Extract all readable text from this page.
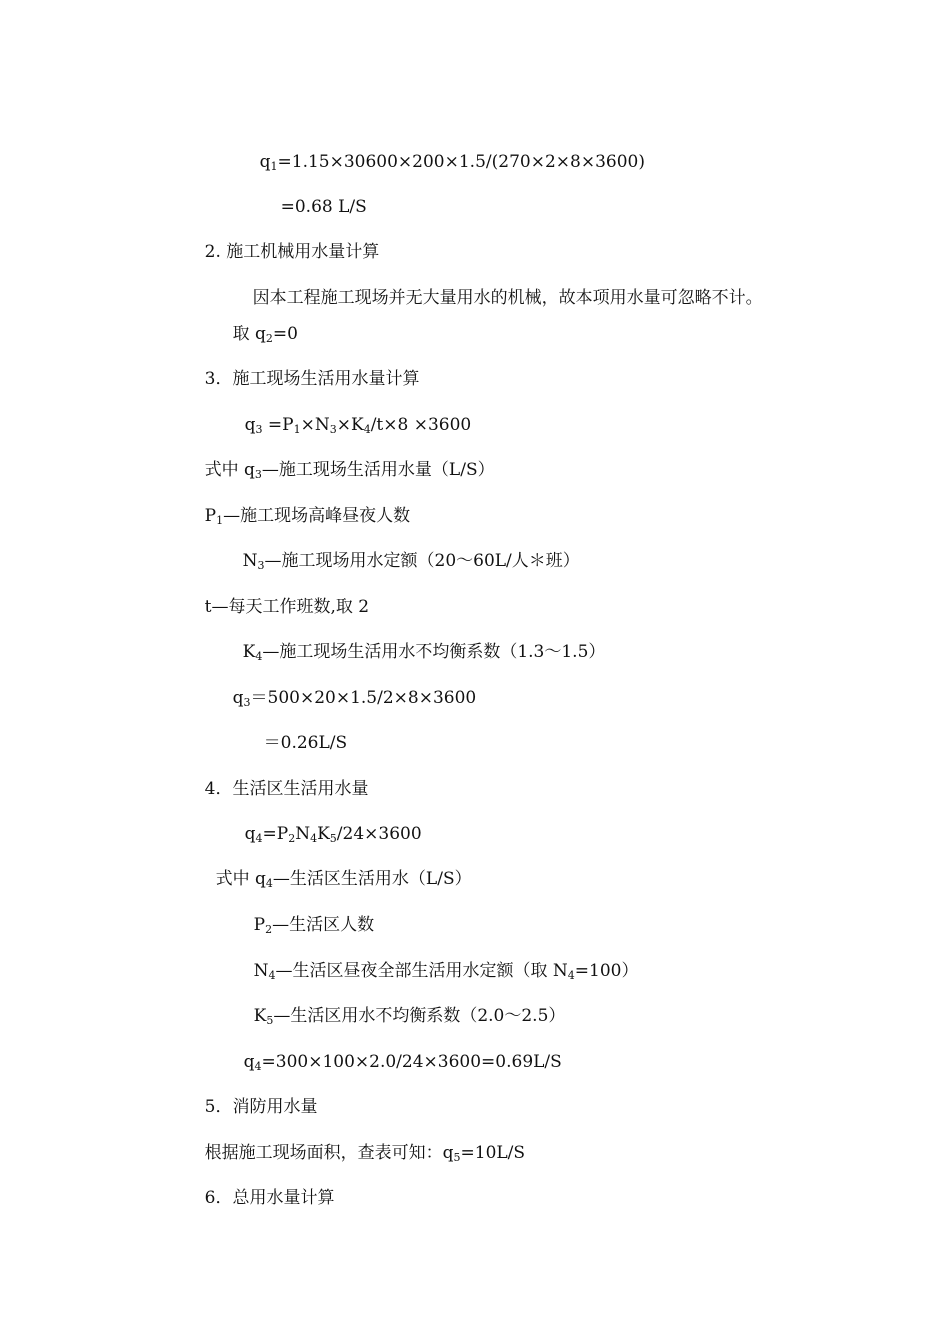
$q_1=1.15\times 30600\times 200\times 1.5/(270\times 2\times 8\times 3600)$

=0.68 L/S

2. 施工机械用水量计算

因本工程施工现场并无大量用水的机械，故本项用水量可忽略不计。

取 $q_2=0$

3．施工现场生活用水量计算

$q_3 =P_1\times N_3\times K_4/t\times 8 \times 3600$

式中 $q_3—$施工现场生活用水量（L/S）

$P_1—$施工现场高峰昼夜人数

$N_3—$施工现场用水定额（20～60L/人＊班）

t—每天工作班数,取 2

$K_4—$施工现场生活用水不均衡系数（1.3～1.5）

$q_3=500\times 20\times 1.5/2\times 8\times 3600$

＝0.26L/S

4．生活区生活用水量

$q_4=P_2N_4K_5/24\times 3600$

式中 $q_4—$生活区生活用水（L/S）

$P_2—$生活区人数

$N_4—$生活区昼夜全部生活用水定额（取 $N_4=100$）

$K_5—$生活区用水不均衡系数（2.0～2.5）

$q_4=300\times 100\times 2.0/24\times 3600=0.69L/S$

5．消防用水量

根据施工现场面积，查表可知：$q_5=10L/S$

6．总用水量计算
